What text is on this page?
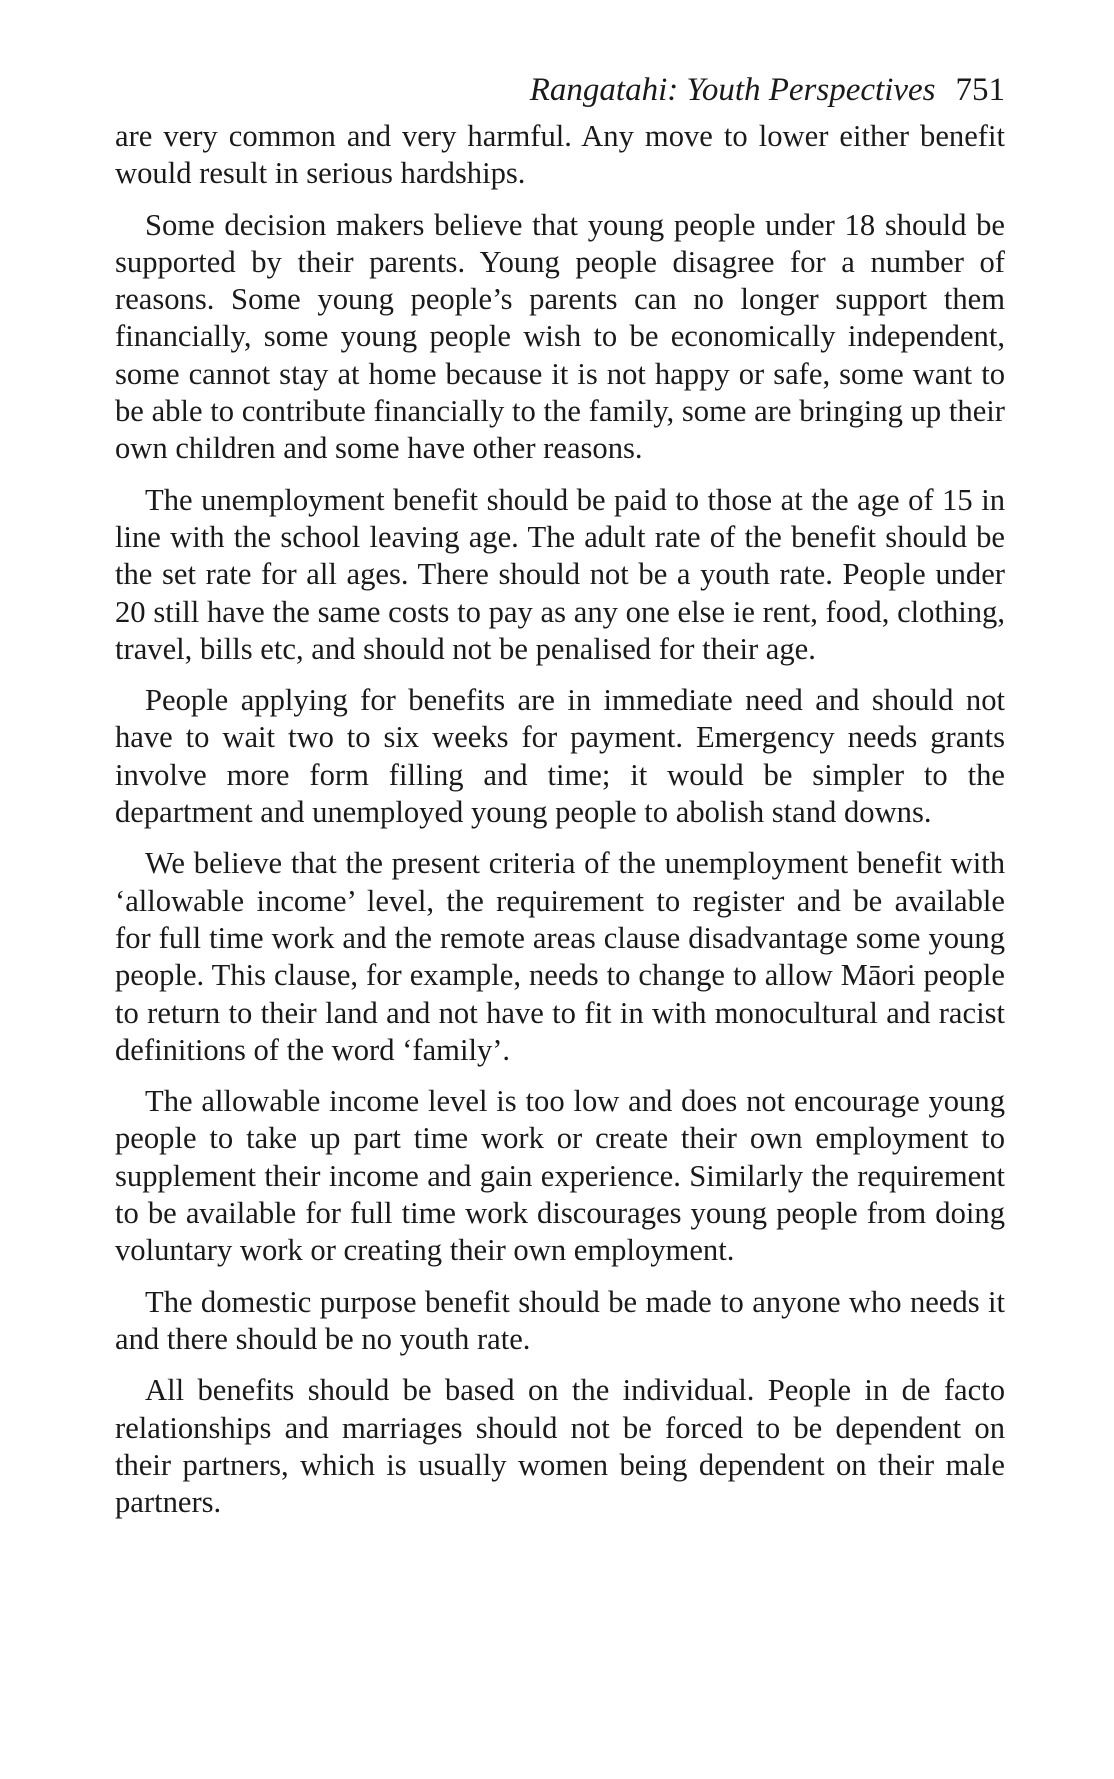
Rangatahi: Youth Perspectives 751

are very common and very harmful. Any move to lower either benefit would result in serious hardships.

Some decision makers believe that young people under 18 should be supported by their parents. Young people disagree for a number of reasons. Some young people’s parents can no longer support them financially, some young people wish to be economically independent, some cannot stay at home because it is not happy or safe, some want to be able to contribute financially to the family, some are bringing up their own children and some have other reasons.

The unemployment benefit should be paid to those at the age of 15 in line with the school leaving age. The adult rate of the benefit should be the set rate for all ages. There should not be a youth rate. People under 20 still have the same costs to pay as any one else ie rent, food, clothing, travel, bills etc, and should not be penalised for their age.

People applying for benefits are in immediate need and should not have to wait two to six weeks for payment. Emergency needs grants involve more form filling and time; it would be simpler to the department and unemployed young people to abolish stand downs.

We believe that the present criteria of the unemployment benefit with ‘allowable income’ level, the requirement to register and be available for full time work and the remote areas clause disadvantage some young people. This clause, for example, needs to change to allow Māori people to return to their land and not have to fit in with monocultural and racist definitions of the word ‘family’.

The allowable income level is too low and does not encourage young people to take up part time work or create their own employment to supplement their income and gain experience. Similarly the requirement to be available for full time work discourages young people from doing voluntary work or creating their own employment.

The domestic purpose benefit should be made to anyone who needs it and there should be no youth rate.

All benefits should be based on the individual. People in de facto relationships and marriages should not be forced to be dependent on their partners, which is usually women being dependent on their male partners.
